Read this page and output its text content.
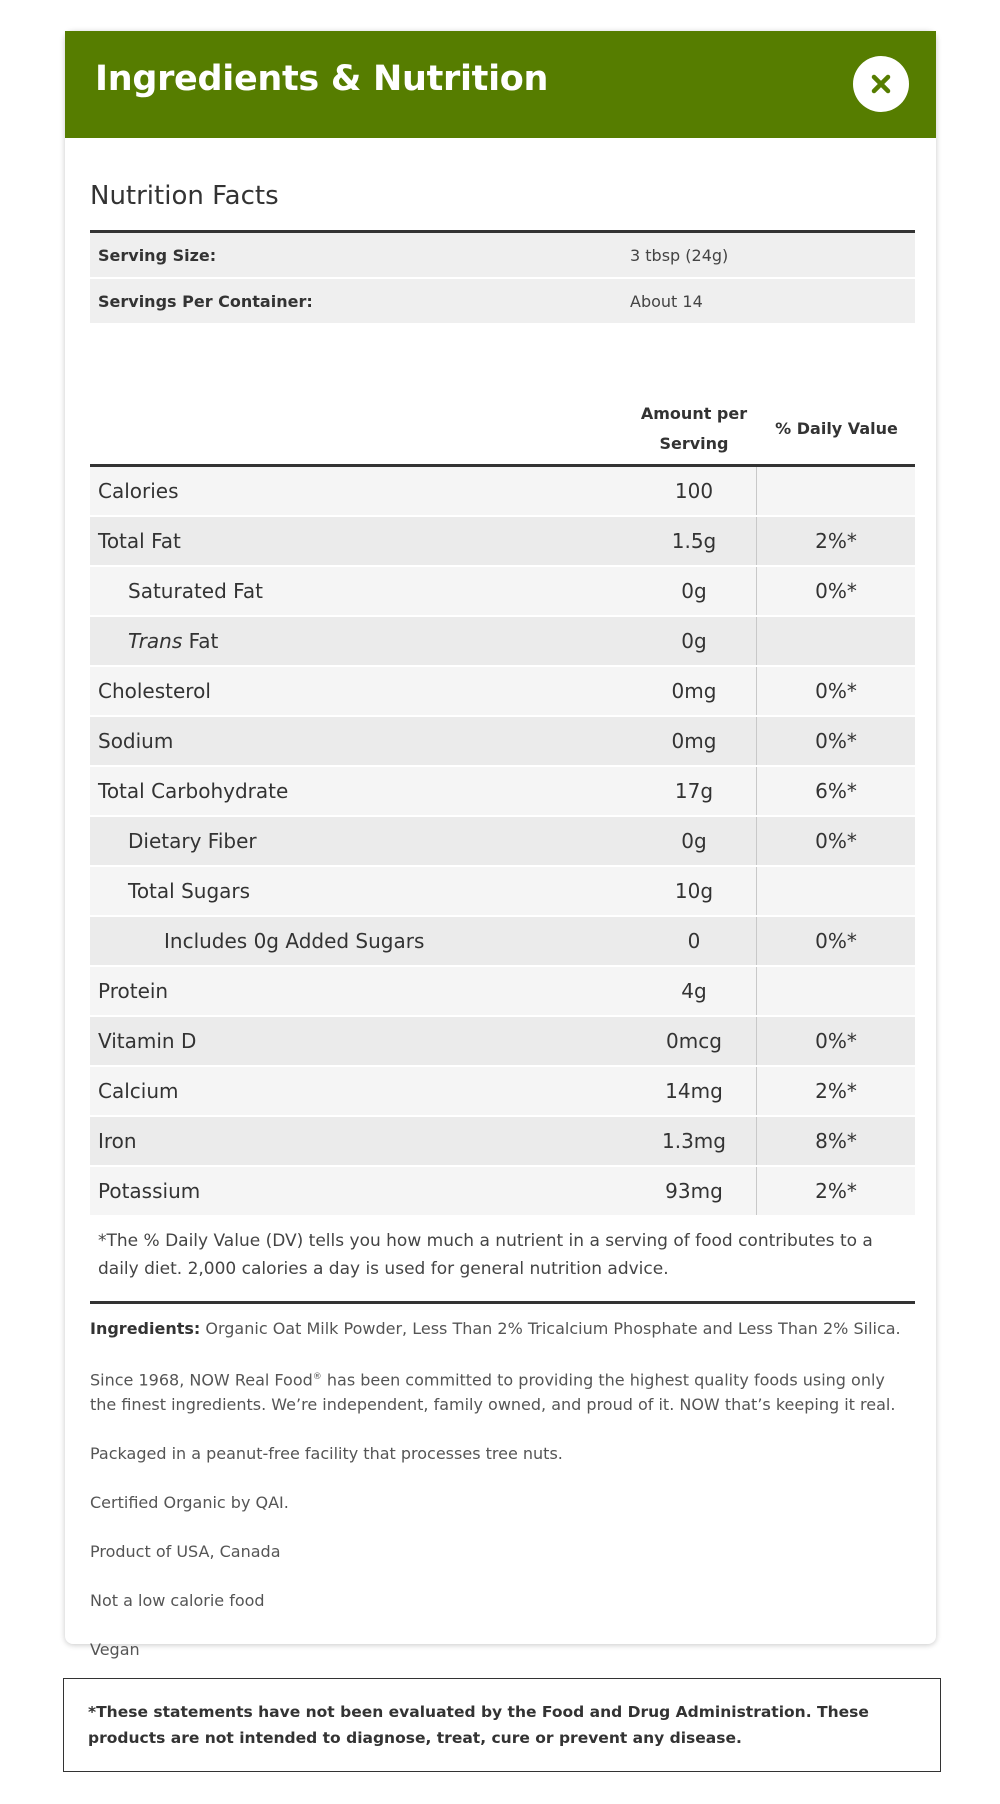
Ingredients & Nutrition
Nutrition Facts
Serving Size:	3 tbsp (24g)
Servings Per Container:	About 14
Amount per
Serving
% Daily Value
Calories	100
Total Fat	1.5g	2%*
Saturated Fat	0g	0%*
Trans Fat	0g
Cholesterol	0mg	0%*
Sodium	0mg	0%*
Total Carbohydrate	17g	6%*
Dietary Fiber	0g	0%*
Total Sugars	10g
Includes 0g Added Sugars	0	0%*
Protein	4g
Vitamin D	0mcg	0%*
Calcium	14mg	2%*
Iron	1.3mg	8%*
Potassium	93mg	2%*
*The % Daily Value (DV) tells you how much a nutrient in a serving of food contributes to a daily diet. 2,000 calories a day is used for general nutrition advice.

Ingredients: Organic Oat Milk Powder, Less Than 2% Tricalcium Phosphate and Less Than 2% Silica.

Since 1968, NOW Real Food® has been committed to providing the highest quality foods using only the finest ingredients. We’re independent, family owned, and proud of it. NOW that’s keeping it real.

Packaged in a peanut-free facility that processes tree nuts.

Certified Organic by QAI.

Product of USA, Canada

Not a low calorie food

Vegan

*These statements have not been evaluated by the Food and Drug Administration. These products are not intended to diagnose, treat, cure or prevent any disease.
